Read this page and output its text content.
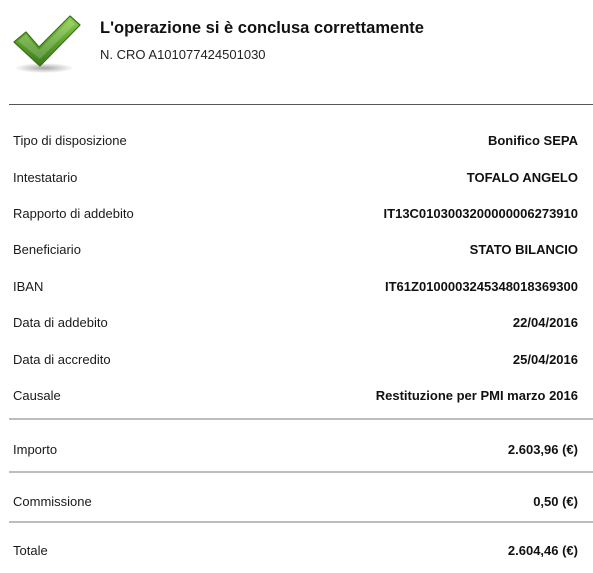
L'operazione si è conclusa correttamente
N. CRO A101077424501030
Tipo di disposizione	Bonifico SEPA
Intestatario	TOFALO ANGELO
Rapporto di addebito	IT13C0103003200000006273910
Beneficiario	STATO BILANCIO
IBAN	IT61Z0100003245348018369300
Data di addebito	22/04/2016
Data di accredito	25/04/2016
Causale	Restituzione per PMI marzo 2016
Importo	2.603,96 (€)
Commissione	0,50 (€)
Totale	2.604,46 (€)
